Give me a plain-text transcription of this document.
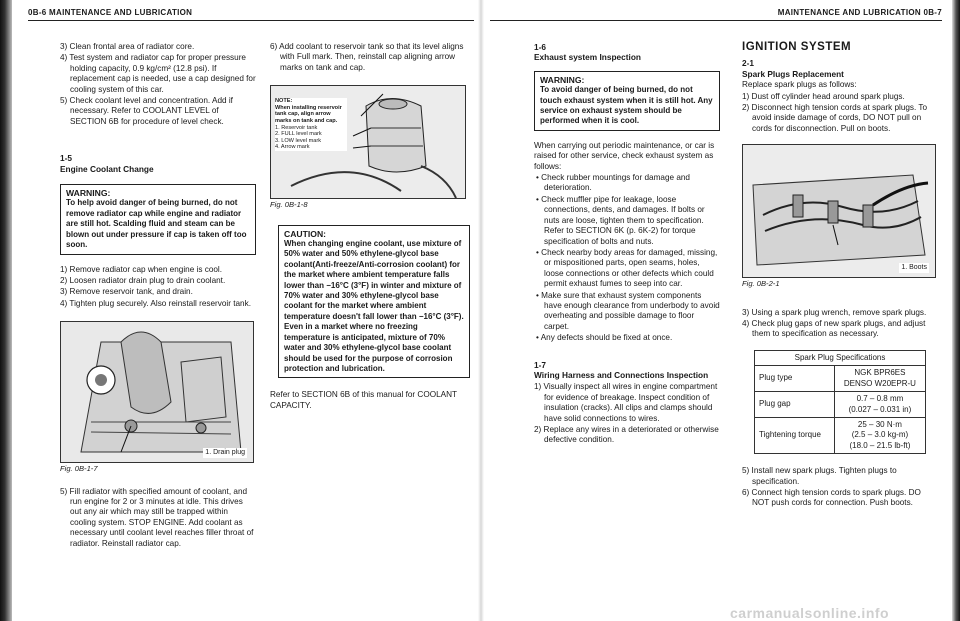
0B-6 MAINTENANCE AND LUBRICATION

3) Clean frontal area of radiator core.

4) Test system and radiator cap for proper pressure holding capacity, 0.9 kg/cm² (12.8 psi). If replacement cap is needed, use a cap designed for cooling system of this car.

5) Check coolant level and concentration. Add if necessary. Refer to COOLANT LEVEL of SECTION 6B for procedure of level check.

1-5
Engine Coolant Change
WARNING:
To help avoid danger of being burned, do not remove radiator cap while engine and radiator are still hot. Scalding fluid and steam can be blown out under pressure if cap is taken off too soon.

1) Remove radiator cap when engine is cool.

2) Loosen radiator drain plug to drain coolant.

3) Remove reservoir tank, and drain.

4) Tighten plug securely. Also reinstall reservoir tank.

1. Drain plug
Fig. 0B-1-7

5) Fill radiator with specified amount of coolant, and run engine for 2 or 3 minutes at idle. This drives out any air which may still be trapped within cooling system. STOP ENGINE. Add coolant as necessary until coolant level reaches filler throat of radiator. Reinstall radiator cap.

6) Add coolant to reservoir tank so that its level aligns with Full mark. Then, reinstall cap aligning arrow marks on tank and cap.

NOTE:
When installing reservoir tank cap, align arrow marks on tank and cap.
1. Reservoir tank
2. FULL level mark
3. LOW level mark
4. Arrow mark
Fig. 0B-1-8
CAUTION:
When changing engine coolant, use mixture of 50% water and 50% ethylene-glycol base coolant(Anti-freeze/Anti-corrosion coolant) for the market where ambient temperature falls lower than −16°C (3°F) in winter and mixture of 70% water and 30% ethylene-glycol base coolant for the market where ambient temperature doesn't fall lower than −16°C (3°F).
Even in a market where no freezing temperature is anticipated, mixture of 70% water and 30% ethylene-glycol base coolant should be used for the purpose of corrosion protection and lubrication.

Refer to SECTION 6B of this manual for COOLANT CAPACITY.

MAINTENANCE AND LUBRICATION 0B-7
1-6
Exhaust system Inspection
WARNING:
To avoid danger of being burned, do not touch exhaust system when it is still hot. Any service on exhaust system should be performed when it is cool.

When carrying out periodic maintenance, or car is raised for other service, check exhaust system as follows:

• Check rubber mountings for damage and deterioration.

• Check muffler pipe for leakage, loose connections, dents, and damages. If bolts or nuts are loose, tighten them to specification. Refer to SECTION 6K (p. 6K-2) for torque specification of bolts and nuts.

• Check nearby body areas for damaged, missing, or mispositioned parts, open seams, holes, loose connections or other defects which could permit exhaust fumes to seep into car.

• Make sure that exhaust system components have enough clearance from underbody to avoid overheating and possible damage to floor carpet.

• Any defects should be fixed at once.

1-7
Wiring Harness and Connections Inspection

1) Visually inspect all wires in engine compartment for evidence of breakage. Inspect condition of insulation (cracks). All clips and clamps should have solid connections to wires.

2) Replace any wires in a deteriorated or otherwise defective condition.

IGNITION SYSTEM
2-1
Spark Plugs Replacement

Replace spark plugs as follows:

1) Dust off cylinder head around spark plugs.

2) Disconnect high tension cords at spark plugs. To avoid inside damage of cords, DO NOT pull on cords for disconnection. Pull on boots.

1. Boots
Fig. 0B-2-1

3) Using a spark plug wrench, remove spark plugs.

4) Check plug gaps of new spark plugs, and adjust them to specification as necessary.

Spark Plug Specifications	
Plug type	NGK BPR6ES
DENSO W20EPR-U

Plug gap	0.7 – 0.8 mm
(0.027 – 0.031 in)

Tightening torque	25 – 30 N·m
(2.5 – 3.0 kg-m)
(18.0 – 21.5 lb-ft)

5) Install new spark plugs. Tighten plugs to specification.

6) Connect high tension cords to spark plugs. DO NOT push cords for connection. Push boots.

carmanualsonline.info
